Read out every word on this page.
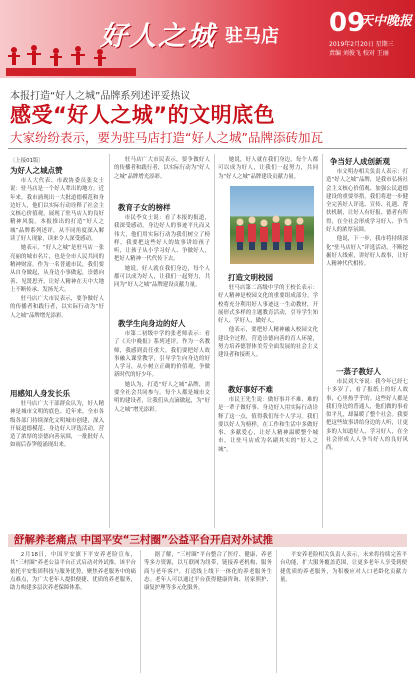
好人之城 驻马店 09
天中晚报
2019年2月20日 星期三
责编 刘俊飞 校对 王丽
本报打造“好人之城”品牌系列述评妥热议
感受“好人之城”的文明底色
大家纷纷表示，要为驻马店打造“好人之城”品牌添砖加瓦
〔上接01版〕
为好人之城点赞

市人大代表、市政协委员张女士说：驻马店是一个好人辈出的地方。近年来，我市涌现出一大批道德模范和身边好人，他们以实际行动诠释了社会主义核心价值观，展现了驻马店人的良好精神风貌。本报推出的打造“好人之城”品牌系列述评，从不同角度深入解读了好人现象，读来令人深受感动。

她表示，“好人之城”是驻马店一张亮丽的城市名片，也是全市人民共同的精神财富。作为一名普通市民，我们要从自身做起，从身边小事做起，崇德向善、见贤思齐，让好人精神在天中大地上不断传承、发扬光大。

驻马店广大市民表示，要争做好人的传播者和践行者，以实际行动为“好人之城”品牌增光添彩。

用感知人身发长乐

驻马店广大干部群众认为，好人精神是城市文明的底色。近年来，全市各级各部门持续深化文明城市创建，深入开展道德模范、身边好人评选活动，营造了浓厚的崇德向善氛围，一批批好人如雨后春笋般涌现出来。

驻马店广大市民表示，要争做好人的传播者和践行者，以实际行动为“好人之城”品牌增光添彩。

教育子女的榜样

市民李女士说：看了本报的报道，我深受感动。身边好人的事迹平凡而又伟大，他们用实际行动为我们树立了榜样。我要把这些好人的故事讲给孩子听，让孩子从小学习好人、争做好人，把好人精神一代代传下去。

她说，好人就在我们身边，每个人都可以成为好人，让我们一起努力，共同为“好人之城”品牌建设贡献力量。

教学生向身边的好人

市第二初级中学的张老师表示：看了《天中晚报》系列述评，作为一名教师，我感到责任重大。我们要把好人故事融入课堂教学，引导学生向身边的好人学习，从小树立正确的价值观，争做新时代的好少年。

她认为，打造“好人之城”品牌，需要全社会共同参与。每个人都是城市文明的建设者，让我们从点滴做起，为“好人之城”增光添彩。

她说，好人就在我们身边，每个人都可以成为好人，让我们一起努力，共同为“好人之城”品牌建设贡献力量。

打造文明校园

驻马店第二高级中学的王校长表示：好人精神是校园文化的重要组成部分。学校将充分利用好人事迹这一生动教材，开展形式多样的主题教育活动，引导学生知好人、学好人、做好人。

他表示，要把好人精神融入校园文化建设全过程，营造崇德向善的育人环境，努力培养德智体美劳全面发展的社会主义建设者和接班人。

教好事好不难

市民王先生说：做好事并不难，难的是一辈子做好事。身边好人用实际行动诠释了这一点，值得我们每个人学习。我们要以好人为榜样，在工作和生活中多做好事、多献爱心，让好人精神温暖整个城市，让驻马店成为名副其实的“好人之城”。

争当好人成创新观

市文明办相关负责人表示：打造“好人之城”品牌，是我市弘扬社会主义核心价值观、加强公民道德建设的重要举措。我们将进一步健全完善好人评选、宣传、礼遇、帮扶机制，让好人有好报、德者有所得，在全社会形成学习好人、争当好人的浓厚氛围。

他说，下一步，我市将持续深化“驻马店好人”评选活动，不断挖掘好人线索，讲好好人故事，让好人精神代代相传。

一蒸子教好人

市民刘大爷说：我今年已经七十多岁了，看了报纸上的好人故事，心里热乎乎的。这些好人都是我们身边的普通人，他们做的事看似平凡，却温暖了整个社会。我要把这些故事讲给身边的人听，让更多的人知道好人、学习好人，在全社会形成人人争当好人的良好风尚。

舒解养老痛点 中国平安“三村圈”公益平台开启对外试推

2月18日，中国平安旗下平安养老险宣布，其“三村圈”养老公益平台正式启动对外试推。该平台依托平安集团科技与服务优势，聚焦养老服务中的痛点难点，为广大老年人提供便捷、优质的养老服务，助力构建多层次养老保障体系。

据了解，“三村圈”平台整合了医疗、健康、养老等多方资源，以互联网为纽带，链接养老机构、服务商与老年客户，打造线上线下一体化的养老服务生态。老年人可以通过平台获得健康咨询、居家照护、康复护理等多元化服务。

平安养老险相关负责人表示，未来将持续完善平台功能，扩大服务覆盖范围，让更多老年人享受到便捷优质的养老服务，为积极应对人口老龄化贡献力量。
